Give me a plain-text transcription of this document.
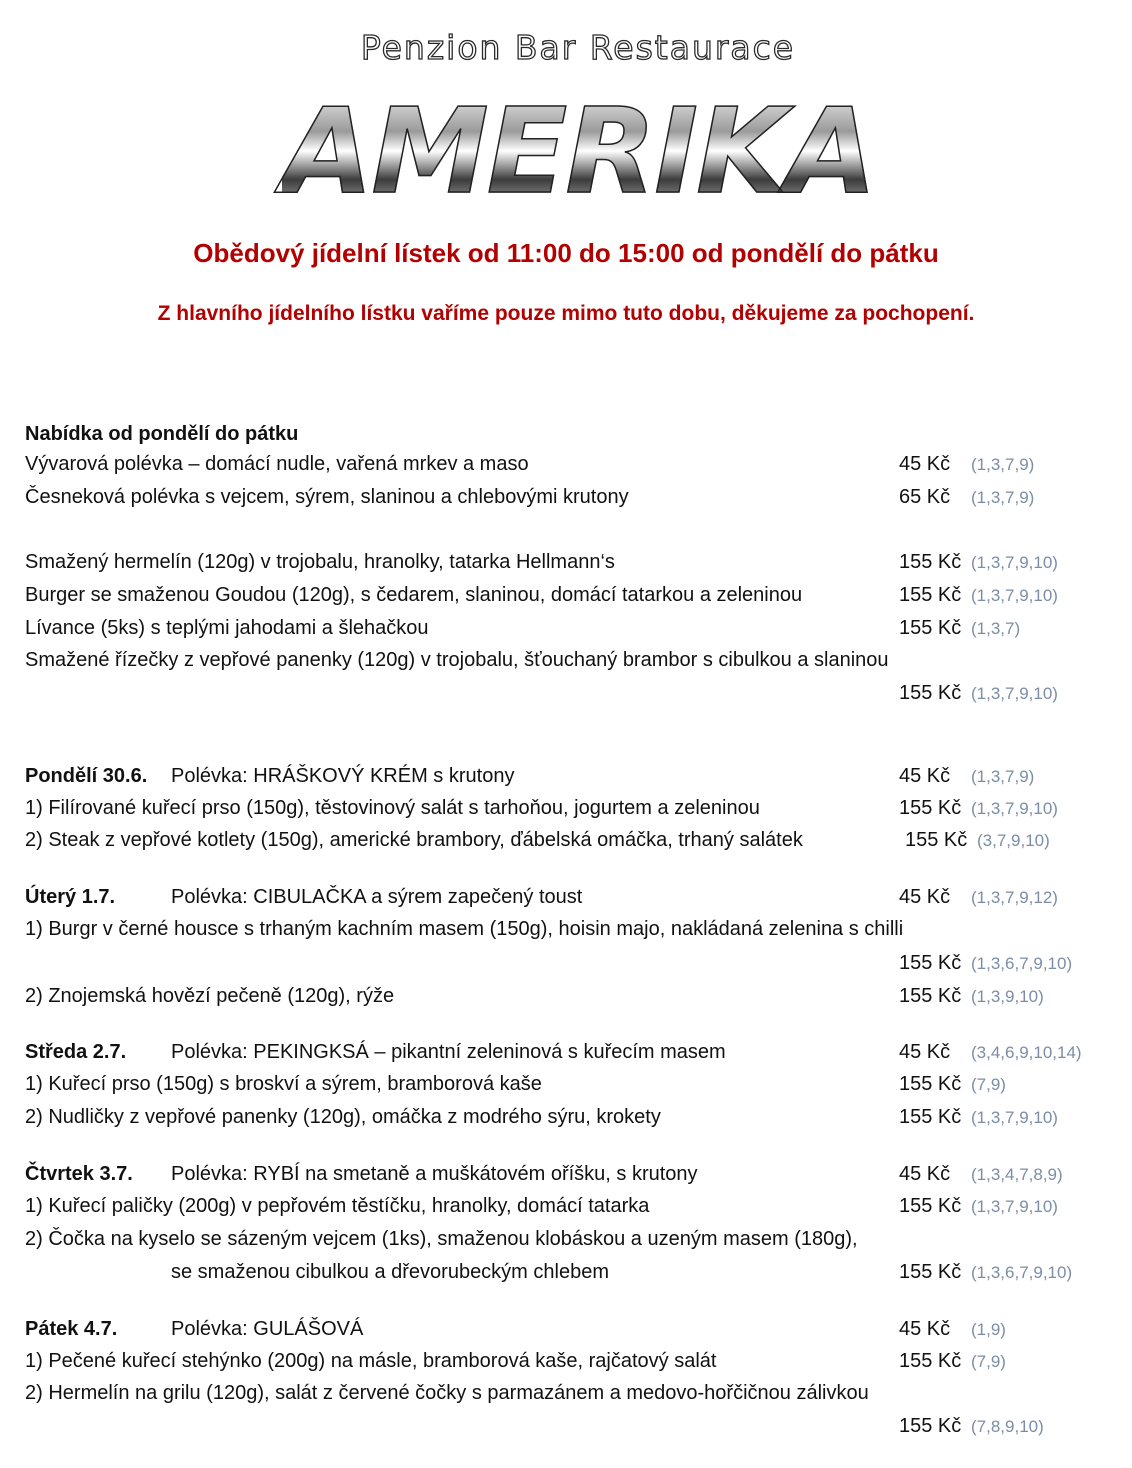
Penzion Bar Restaurace
AMERIKA
Obědový jídelní lístek od 11:00 do 15:00 od pondělí do pátku
Z hlavního jídelního lístku vaříme pouze mimo tuto dobu, děkujeme za pochopení.
Nabídka od pondělí do pátku
Vývarová polévka – domácí nudle, vařená mrkev a maso	45 Kč (1,3,7,9)
Česneková polévka s vejcem, sýrem, slaninou a chlebovými krutony	65 Kč (1,3,7,9)
Smažený hermelín (120g) v trojobalu, hranolky, tatarka Hellmann‘s	155 Kč (1,3,7,9,10)
Burger se smaženou Goudou (120g), s čedarem, slaninou, domácí tatarkou a zeleninou	155 Kč (1,3,7,9,10)
Lívance (5ks) s teplými jahodami a šlehačkou	155 Kč (1,3,7)
Smažené řízečky z vepřové panenky (120g) v trojobalu, šťouchaný brambor s cibulkou a slaninou
155 Kč (1,3,7,9,10)
Pondělí 30.6. Polévka: HRÁŠKOVÝ KRÉM s krutony	45 Kč (1,3,7,9)
1) Filírované kuřecí prso (150g), těstovinový salát s tarhoňou, jogurtem a zeleninou	155 Kč (1,3,7,9,10)
2) Steak z vepřové kotlety (150g), americké brambory, ďábelská omáčka, trhaný salátek	155 Kč (3,7,9,10)
Úterý 1.7.	Polévka: CIBULAČKA a sýrem zapečený toust	45 Kč (1,3,7,9,12)
1) Burgr v černé housce s trhaným kachním masem (150g), hoisin majo, nakládaná zelenina s chilli
155 Kč (1,3,6,7,9,10)
2) Znojemská hovězí pečeně (120g), rýže	155 Kč (1,3,9,10)
Středa 2.7. Polévka: PEKINGKSÁ – pikantní zeleninová s kuřecím masem	45 Kč (3,4,6,9,10,14)
1) Kuřecí prso (150g) s broskví a sýrem, bramborová kaše	155 Kč (7,9)
2) Nudličky z vepřové panenky (120g), omáčka z modrého sýru, krokety	155 Kč (1,3,7,9,10)
Čtvrtek 3.7. Polévka: RYBÍ na smetaně a muškátovém oříšku, s krutony	45 Kč (1,3,4,7,8,9)
1) Kuřecí paličky (200g) v pepřovém těstíčku, hranolky, domácí tatarka	155 Kč (1,3,7,9,10)
2) Čočka na kyselo se sázeným vejcem (1ks), smaženou klobáskou a uzeným masem (180g),
se smaženou cibulkou a dřevorubeckým chlebem	155 Kč (1,3,6,7,9,10)
Pátek 4.7.	Polévka: GULÁŠOVÁ	45 Kč (1,9)
1) Pečené kuřecí stehýnko (200g) na másle, bramborová kaše, rajčatový salát	155 Kč (7,9)
2) Hermelín na grilu (120g), salát z červené čočky s parmazánem a medovo-hořčičnou zálivkou
155 Kč (7,8,9,10)
